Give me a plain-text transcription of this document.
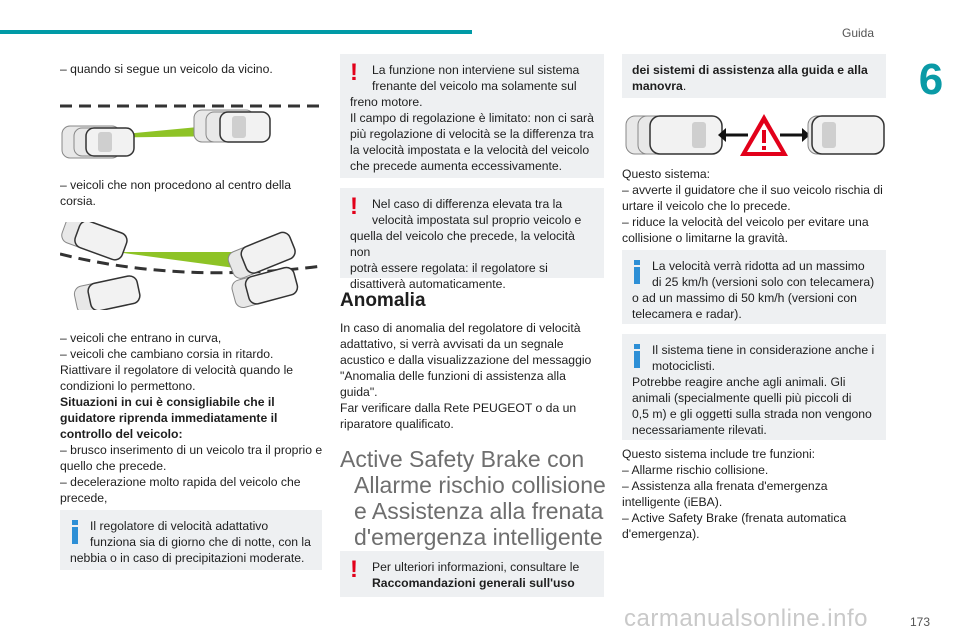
Guida
6

– quando si segue un veicolo da vicino.

– veicoli che non procedono al centro della

corsia.

– veicoli che entrano in curva,

– veicoli che cambiano corsia in ritardo.

Riattivare il regolatore di velocità quando le

condizioni lo permettono.

Situazioni in cui è consigliabile che il

guidatore riprenda immediatamente il

controllo del veicolo:

– brusco inserimento di un veicolo tra il proprio e

quello che precede.

– decelerazione molto rapida del veicolo che

precede,

Il regolatore di velocità adattativo

funziona sia di giorno che di notte, con la

nebbia o in caso di precipitazioni moderate.

!	La funzione non interviene sul sistema

frenante del veicolo ma solamente sul

freno motore.

Il campo di regolazione è limitato: non ci sarà

più regolazione di velocità se la differenza tra

la velocità impostata e la velocità del veicolo

che precede aumenta eccessivamente.

!	Nel caso di differenza elevata tra la

velocità impostata sul proprio veicolo e

quella del veicolo che precede, la velocità non

potrà essere regolata: il regolatore si

disattiverà automaticamente.

Anomalia

In caso di anomalia del regolatore di velocità

adattativo, si verrà avvisati da un segnale

acustico e dalla visualizzazione del messaggio

"Anomalia delle funzioni di assistenza alla

guida".

Far verificare dalla Rete PEUGEOT o da un

riparatore qualificato.

Active Safety Brake con

Allarme rischio collisione

e Assistenza alla frenata

d'emergenza intelligente

!	Per ulteriori informazioni, consultare le

Raccomandazioni generali sull'uso

dei sistemi di assistenza alla guida e alla

manovra.

Questo sistema:

– avverte il guidatore che il suo veicolo rischia di

urtare il veicolo che lo precede.

– riduce la velocità del veicolo per evitare una

collisione o limitarne la gravità.

La velocità verrà ridotta ad un massimo

di 25 km/h (versioni solo con telecamera)

o ad un massimo di 50 km/h (versioni con

telecamera e radar).

Il sistema tiene in considerazione anche i

motociclisti.

Potrebbe reagire anche agli animali. Gli

animali (specialmente quelli più piccoli di

0,5 m) e gli oggetti sulla strada non vengono

necessariamente rilevati.

Questo sistema include tre funzioni:

– Allarme rischio collisione.

– Assistenza alla frenata d'emergenza

intelligente (iEBA).

– Active Safety Brake (frenata automatica

d'emergenza).

carmanualsonline.info	173
